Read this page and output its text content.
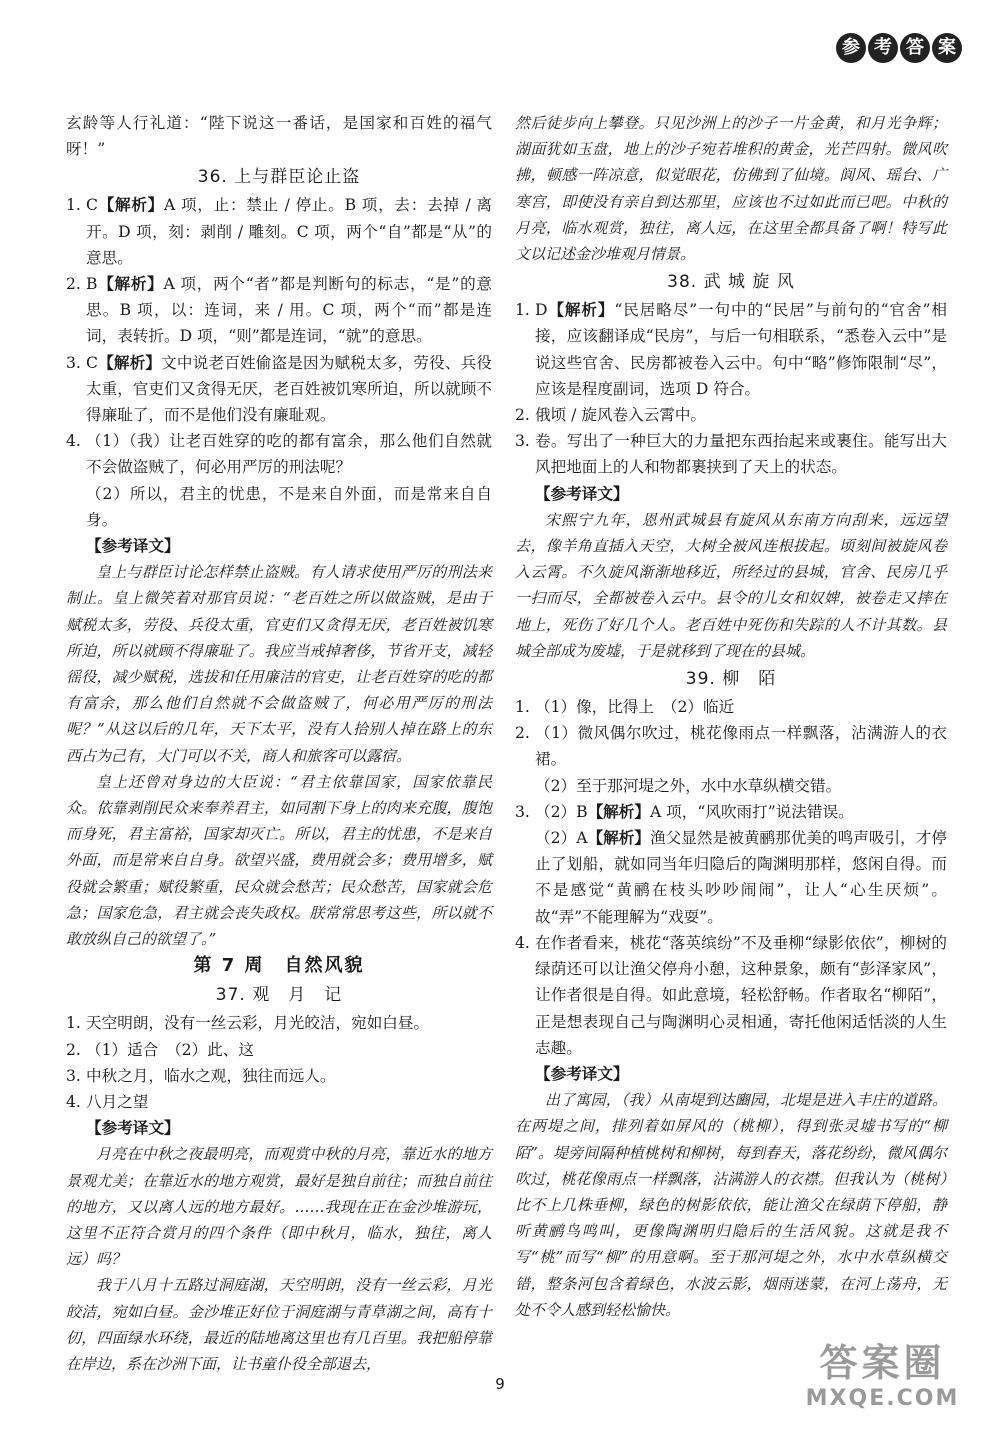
参 考 答 案

玄龄等人行礼道：“陛下说这一番话，是国家和百姓的福气呀！”

36. 上与群臣论止盗

1. C【解析】A 项，止：禁止 / 停止。B 项，去：去掉 / 离开。D 项，刻：剥削 / 雕刻。C 项，两个“自”都是“从”的意思。

2. B【解析】A 项，两个“者”都是判断句的标志，“是”的意思。B 项，以：连词，来 / 用。C 项，两个“而”都是连词，表转折。D 项，“则”都是连词，“就”的意思。

3. C【解析】文中说老百姓偷盗是因为赋税太多，劳役、兵役太重，官吏们又贪得无厌，老百姓被饥寒所迫，所以就顾不得廉耻了，而不是他们没有廉耻观。

4. （1）（我）让老百姓穿的吃的都有富余，那么他们自然就不会做盗贼了，何必用严厉的刑法呢？

（2）所以，君主的忧患，不是来自外面，而是常来自自身。

【参考译文】

皇上与群臣讨论怎样禁止盗贼。有人请求使用严厉的刑法来制止。皇上微笑着对那官员说：“老百姓之所以做盗贼，是由于赋税太多，劳役、兵役太重，官吏们又贪得无厌，老百姓被饥寒所迫，所以就顾不得廉耻了。我应当戒掉奢侈，节省开支，减轻徭役，减少赋税，选拔和任用廉洁的官吏，让老百姓穿的吃的都有富余，那么他们自然就不会做盗贼了，何必用严厉的刑法呢？”从这以后的几年，天下太平，没有人拾别人掉在路上的东西占为己有，大门可以不关，商人和旅客可以露宿。

皇上还曾对身边的大臣说：“君主依靠国家，国家依靠民众。依靠剥削民众来奉养君主，如同割下身上的肉来充腹，腹饱而身死，君主富裕，国家却灭亡。所以，君主的忧患，不是来自外面，而是常来自自身。欲望兴盛，费用就会多；费用增多，赋役就会繁重；赋役繁重，民众就会愁苦；民众愁苦，国家就会危急；国家危急，君主就会丧失政权。朕常常思考这些，所以就不敢放纵自己的欲望了。”

第 7 周　自然风貌
37. 观　月　记

1. 天空明朗，没有一丝云彩，月光皎洁，宛如白昼。

2. （1）适合　（2）此、这

3. 中秋之月，临水之观，独往而远人。

4. 八月之望

【参考译文】

月亮在中秋之夜最明亮，而观赏中秋的月亮，靠近水的地方景观尤美；在靠近水的地方观赏，最好是独自前往；而独自前往的地方，又以离人远的地方最好。……我现在正在金沙堆游玩，这里不正符合赏月的四个条件（即中秋月，临水，独往，离人远）吗？

我于八月十五路过洞庭湖，天空明朗，没有一丝云彩，月光皎洁，宛如白昼。金沙堆正好位于洞庭湖与青草湖之间，高有十仞，四面绿水环绕，最近的陆地离这里也有几百里。我把船停靠在岸边，系在沙洲下面，让书童仆役全部退去，

然后徒步向上攀登。只见沙洲上的沙子一片金黄，和月光争辉；湖面犹如玉盘，地上的沙子宛若堆积的黄金，光芒四射。微风吹拂，顿感一阵凉意，似觉眼花，仿佛到了仙境。阆风、瑶台、广寒宫，即使没有亲自到达那里，应该也不过如此而已吧。中秋的月亮，临水观赏，独往，离人远，在这里全都具备了啊！特写此文以记述金沙堆观月情景。

38. 武 城 旋 风

1. D【解析】“民居略尽”一句中的“民居”与前句的“官舍”相接，应该翻译成“民房”，与后一句相联系，“悉卷入云中”是说这些官舍、民房都被卷入云中。句中“略”修饰限制“尽”，应该是程度副词，选项 D 符合。

2. 俄顷 / 旋风卷入云霄中。

3. 卷。写出了一种巨大的力量把东西抬起来或裹住。能写出大风把地面上的人和物都裹挟到了天上的状态。

【参考译文】

宋熙宁九年，恩州武城县有旋风从东南方向刮来，远远望去，像羊角直插入天空，大树全被风连根拔起。顷刻间被旋风卷入云霄。不久旋风渐渐地移近，所经过的县城，官舍、民房几乎一扫而尽，全都被卷入云中。县令的儿女和奴婢，被卷走又摔在地上，死伤了好几个人。老百姓中死伤和失踪的人不计其数。县城全部成为废墟，于是就移到了现在的县城。

39. 柳　陌

1. （1）像，比得上　（2）临近

2. （1）微风偶尔吹过，桃花像雨点一样飘落，沾满游人的衣裙。

（2）至于那河堤之外，水中水草纵横交错。

3. （2）B【解析】A 项，“风吹雨打”说法错误。

（2）A【解析】渔父显然是被黄鹂那优美的鸣声吸引，才停止了划船，就如同当年归隐后的陶渊明那样，悠闲自得。而不是感觉“黄鹂在枝头吵吵闹闹”，让人“心生厌烦”。故“弄”不能理解为“戏耍”。

4. 在作者看来，桃花“落英缤纷”不及垂柳“绿影依依”，柳树的绿荫还可以让渔父停舟小憩，这种景象，颇有“彭泽家风”，让作者很是自得。如此意境，轻松舒畅。作者取名“柳陌”，正是想表现自己与陶渊明心灵相通，寄托他闲适恬淡的人生志趣。

【参考译文】

出了寓园，（我）从南堤到达豳园，北堤是进入丰庄的道路。在两堤之间，排列着如屏风的（桃柳），得到张灵墟书写的“柳陌”。堤旁间隔种植桃树和柳树，每到春天，落花纷纷，微风偶尔吹过，桃花像雨点一样飘落，沾满游人的衣襟。但我认为（桃树）比不上几株垂柳，绿色的树影依依，能让渔父在绿荫下停船，静听黄鹂鸟鸣叫，更像陶渊明归隐后的生活风貌。这就是我不写“桃”而写“柳”的用意啊。至于那河堤之外，水中水草纵横交错，整条河包含着绿色，水波云影，烟雨迷蒙，在河上荡舟，无处不令人感到轻松愉快。

9	答案圈
MXQE.COM
